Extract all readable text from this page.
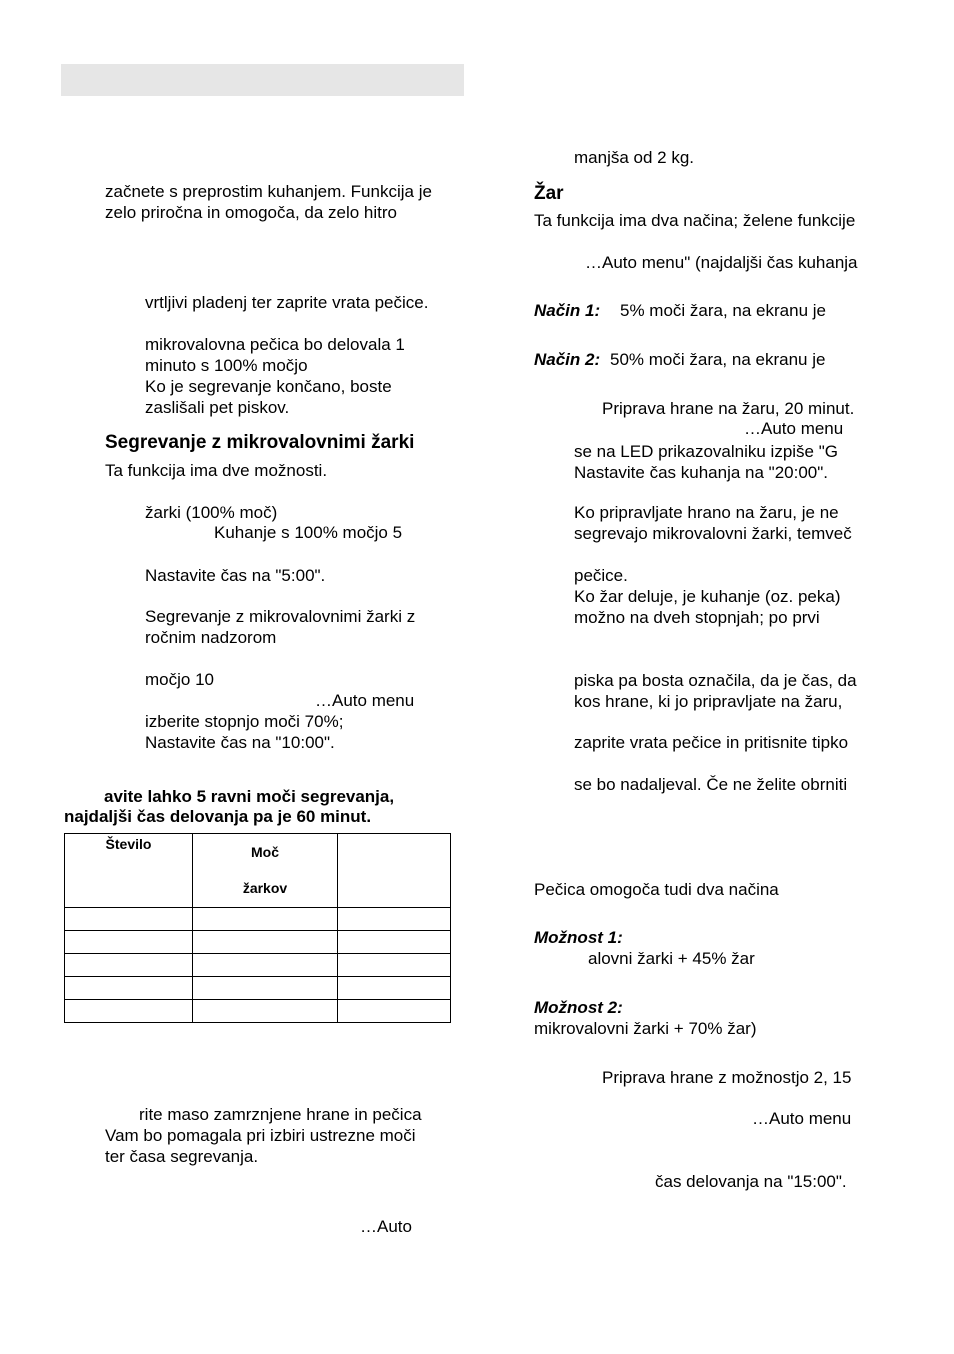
začnete s preprostim kuhanjem. Funkcija je
zelo priročna in omogoča, da zelo hitro
vrtljivi pladenj ter zaprite vrata pečice.
mikrovalovna pečica bo delovala 1
minuto s 100% močjo
Ko je segrevanje končano, boste
zaslišali pet piskov.
Segrevanje z mikrovalovnimi žarki
Ta funkcija ima dve možnosti.
žarki (100% moč)
Kuhanje s 100% močjo 5
Nastavite čas na "5:00".
Segrevanje z mikrovalovnimi žarki z
ročnim nadzorom
močjo 10
…Auto menu
izberite stopnjo moči 70%;
Nastavite čas na "10:00".
avite lahko 5 ravni moči segrevanja,
najdaljši čas delovanja pa je 60 minut.
Število	Moč
žarkov	

rite maso zamrznjene hrane in pečica
Vam bo pomagala pri izbiri ustrezne moči
ter časa segrevanja.
…Auto
manjša od 2 kg.
Žar
Ta funkcija ima dva načina; želene funkcije
…Auto menu" (najdaljši čas kuhanja
Način 1: 5% moči žara, na ekranu je
Način 2: 50% moči žara, na ekranu je
Priprava hrane na žaru, 20 minut.
…Auto menu
se na LED prikazovalniku izpiše "G
Nastavite čas kuhanja na "20:00".
Ko pripravljate hrano na žaru, je ne
segrevajo mikrovalovni žarki, temveč
pečice.
Ko žar deluje, je kuhanje (oz. peka)
možno na dveh stopnjah; po prvi
piska pa bosta označila, da je čas, da
kos hrane, ki jo pripravljate na žaru,
zaprite vrata pečice in pritisnite tipko
se bo nadaljeval. Če ne želite obrniti
Pečica omogoča tudi dva načina
Možnost 1:
alovni žarki + 45% žar
Možnost 2:
mikrovalovni žarki + 70% žar)
Priprava hrane z možnostjo 2, 15
…Auto menu
čas delovanja na "15:00".
